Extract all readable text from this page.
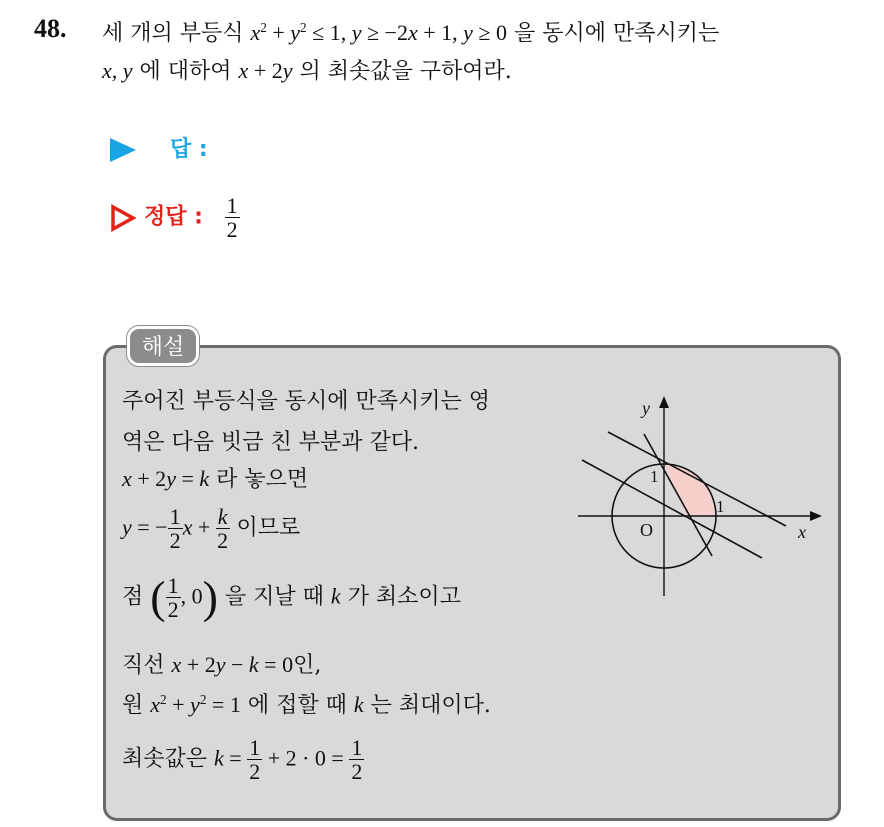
48. 세 개의 부등식 $x^2 + y^2 \le 1$, y ≥ −2x + 1, y ≥ 0 을 동시에 만족시키는
x, y 에 대하여 x + 2y 의 최솟값을 구하여라.
답 :
정답 : $\frac{1}{2}$
해설
주어진 부등식을 동시에 만족시키는 영
역은 다음 빗금 친 부분과 같다.
x + 2y = k 라 놓으면
y = − $\frac{1}{2}$ $x + \frac{k}{2}$ 이므로
점 ( $\frac{1}{2}$ , 0) 을 지날 때 k 가 최소이고
직선 x + 2y − k = 0인,
원 $x^2 + y^2 = 1$ 에 접할 때 k 는 최대이다.
최솟값은 $k = \frac{1}{2} + 2 \cdot 0 = \frac{1}{2}$
y
x
O
1
1
